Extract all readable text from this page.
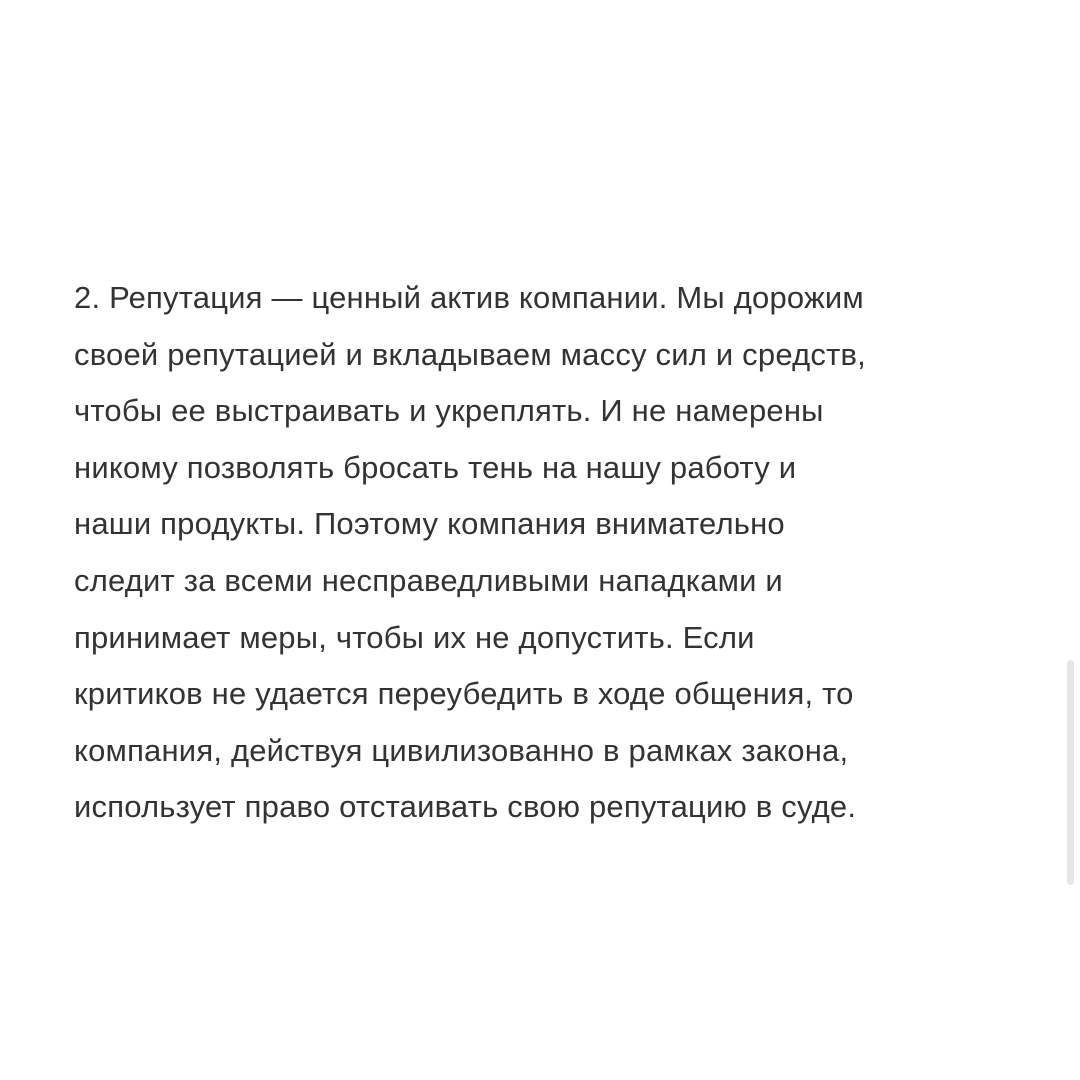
2. Репутация — ценный актив компании. Мы дорожим
своей репутацией и вкладываем массу сил и средств,
чтобы ее выстраивать и укреплять. И не намерены
никому позволять бросать тень на нашу работу и
наши продукты. Поэтому компания внимательно
следит за всеми несправедливыми нападками и
принимает меры, чтобы их не допустить. Если
критиков не удается переубедить в ходе общения, то
компания, действуя цивилизованно в рамках закона,
использует право отстаивать свою репутацию в суде.
